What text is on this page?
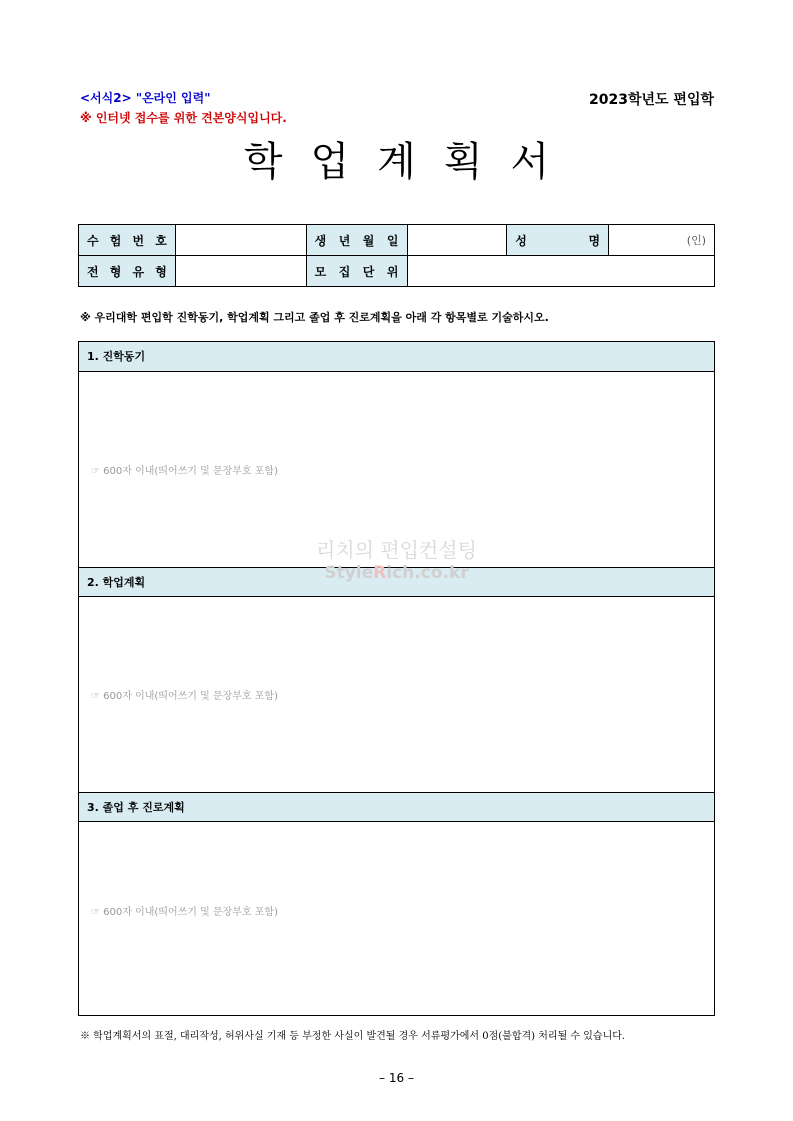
<서식2> "온라인 입력"
※ 인터넷 접수를 위한 견본양식입니다.
2023학년도 편입학
학 업 계 획 서
수 험 번 호		생 년 월 일		성 명	(인)

전 형 유 형		모 집 단 위			

※ 우리대학 편입학 진학동기, 학업계획 그리고 졸업 후 진로계획을 아래 각 항목별로 기술하시오.
1. 진학동기
☞ 600자 이내(띄어쓰기 및 문장부호 포함)
2. 학업계획
☞ 600자 이내(띄어쓰기 및 문장부호 포함)
3. 졸업 후 진로계획
☞ 600자 이내(띄어쓰기 및 문장부호 포함)
리치의 편입컨설팅
StyleRich.co.kr
※ 학업계획서의 표절, 대리작성, 허위사실 기재 등 부정한 사실이 발견될 경우 서류평가에서 0점(불합격) 처리될 수 있습니다.
– 16 –
